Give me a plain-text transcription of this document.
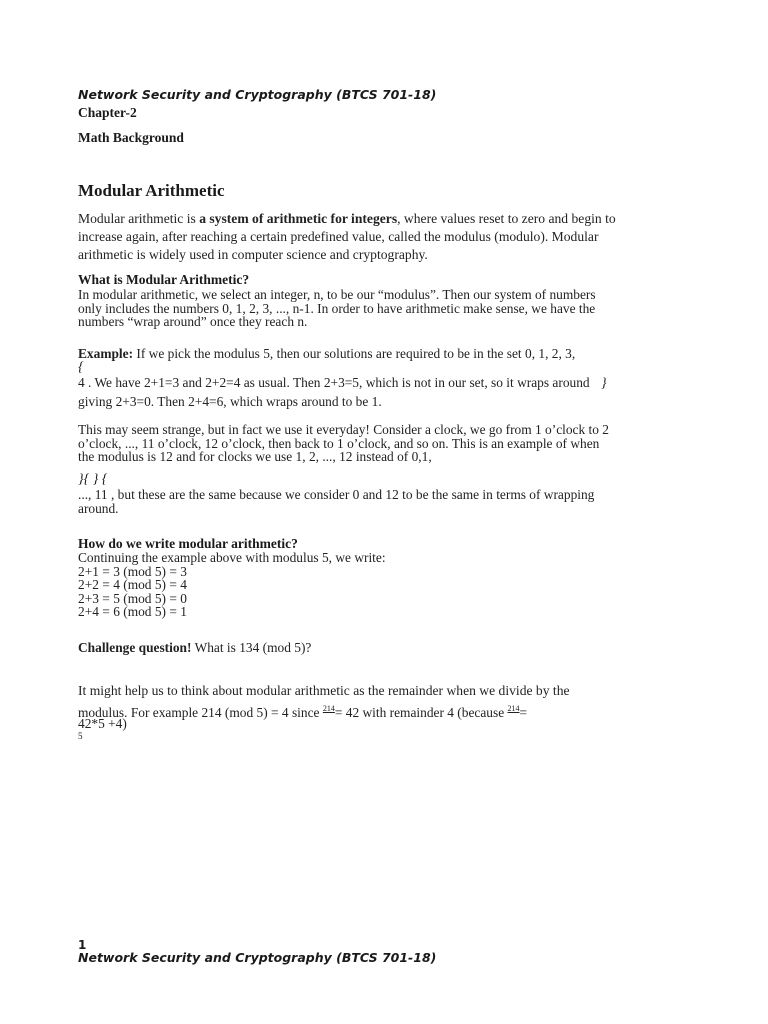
Network Security and Cryptography (BTCS 701-18)
Chapter-2
Math Background
Modular Arithmetic
Modular arithmetic is a system of arithmetic for integers, where values reset to zero and begin to
increase again, after reaching a certain predefined value, called the modulus (modulo). Modular
arithmetic is widely used in computer science and cryptography.
What is Modular Arithmetic?
In modular arithmetic, we select an integer, n, to be our “modulus”. Then our system of numbers
only includes the numbers 0, 1, 2, 3, ..., n-1. In order to have arithmetic make sense, we have the
numbers “wrap around” once they reach n.
Example: If we pick the modulus 5, then our solutions are required to be in the set 0, 1, 2, 3,
{
4 . We have 2+1=3 and 2+2=4 as usual. Then 2+3=5, which is not in our set, so it wraps around }
giving 2+3=0. Then 2+4=6, which wraps around to be 1.
This may seem strange, but in fact we use it everyday! Consider a clock, we go from 1 o’clock to 2
o’clock, ..., 11 o’clock, 12 o’clock, then back to 1 o’clock, and so on. This is an example of when
the modulus is 12 and for clocks we use 1, 2, ..., 12 instead of 0,1,
}{ } {
..., 11 , but these are the same because we consider 0 and 12 to be the same in terms of wrapping
around.
How do we write modular arithmetic?
Continuing the example above with modulus 5, we write:
2+1 = 3 (mod 5) = 3
2+2 = 4 (mod 5) = 4
2+3 = 5 (mod 5) = 0
2+4 = 6 (mod 5) = 1
Challenge question! What is 134 (mod 5)?
It might help us to think about modular arithmetic as the remainder when we divide by the
modulus. For example 214 (mod 5) = 4 since $^{214}$= 42 with remainder 4 (because $^{214}$=
42*5 +4)
5
1
Network Security and Cryptography (BTCS 701-18)
